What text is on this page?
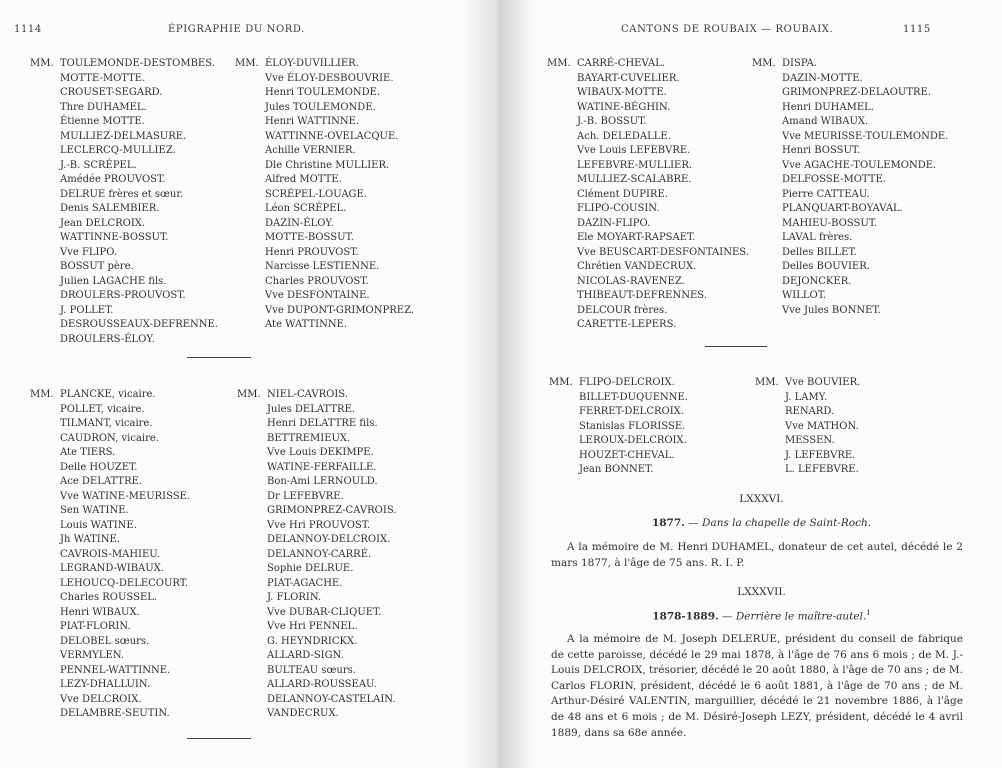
1114	ÉPIGRAPHIE DU NORD.
MM. TOULEMONDE-DESTOMBES.
MOTTE-MOTTE.
CROUSET-SEGARD.
Thre DUHAMEL.
Étienne MOTTE.
MULLIEZ-DELMASURE.
LECLERCQ-MULLIEZ.
J.-B. SCRÉPEL.
Amédée PROUVOST.
DELRUE frères et sœur.
Denis SALEMBIER.
Jean DELCROIX.
WATTINNE-BOSSUT.
Vve FLIPO.
BOSSUT père.
Julien LAGACHE fils.
DROULERS-PROUVOST.
J. POLLET.
DESROUSSEAUX-DEFRENNE.
DROULERS-ÉLOY.
MM. ÉLOY-DUVILLIER.
Vve ÉLOY-DESBOUVRIE.
Henri TOULEMONDE.
Jules TOULEMONDE.
Henri WATTINNE.
WATTINNE-OVELACQUE.
Achille VERNIER.
Dle Christine MULLIER.
Alfred MOTTE.
SCRÉPEL-LOUAGE.
Léon SCRÉPEL.
DAZIN-ÉLOY.
MOTTE-BOSSUT.
Henri PROUVOST.
Narcisse LESTIENNE.
Charles PROUVOST.
Vve DESFONTAINE.
Vve DUPONT-GRIMONPREZ.
Ate WATTINNE.
MM. PLANCKE, vicaire.
POLLET, vicaire.
TILMANT, vicaire.
CAUDRON, vicaire.
Ate TIERS.
Delle HOUZET.
Ace DELATTRE.
Vve WATINE-MEURISSE.
Sen WATINE.
Louis WATINE.
Jh WATINE.
CAVROIS-MAHIEU.
LEGRAND-WIBAUX.
LEHOUCQ-DELECOURT.
Charles ROUSSEL.
Henri WIBAUX.
PIAT-FLORIN.
DELOBEL sœurs.
VERMYLEN.
PENNEL-WATTINNE.
LEZY-DHALLUIN.
Vve DELCROIX.
DELAMBRE-SEUTIN.
MM. NIEL-CAVROIS.
Jules DELATTRE.
Henri DELATTRE fils.
BETTREMIEUX.
Vve Louis DEKIMPE.
WATINE-FERFAILLE.
Bon-Ami LERNOULD.
Dr LEFEBVRE.
GRIMONPREZ-CAVROIS.
Vve Hri PROUVOST.
DELANNOY-DELCROIX.
DELANNOY-CARRÉ.
Sophie DELRUE.
PIAT-AGACHE.
J. FLORIN.
Vve DUBAR-CLIQUET.
Vve Hri PENNEL.
G. HEYNDRICKX.
ALLARD-SIGN.
BULTEAU sœurs.
ALLARD-ROUSSEAU.
DELANNOY-CASTELAIN.
VANDECRUX.
CANTONS DE ROUBAIX — ROUBAIX.	1115
MM. CARRÉ-CHEVAL.
BAYART-CUVELIER.
WIBAUX-MOTTE.
WATINE-BÉGHIN.
J.-B. BOSSUT.
Ach. DELEDALLE.
Vve Louis LEFEBVRE.
LEFEBVRE-MULLIER.
MULLIEZ-SCALABRE.
Clément DUPIRE.
FLIPO-COUSIN.
DAZIN-FLIPO.
Ele MOYART-RAPSAET.
Vve BEUSCART-DESFONTAINES.
Chrétien VANDECRUX.
NICOLAS-RAVENEZ.
THIBEAUT-DEFRENNES.
DELCOUR frères.
CARETTE-LEPERS.
MM. DISPA.
DAZIN-MOTTE.
GRIMONPREZ-DELAOUTRE.
Henri DUHAMEL.
Amand WIBAUX.
Vve MEURISSE-TOULEMONDE.
Henri BOSSUT.
Vve AGACHE-TOULEMONDE.
DELFOSSE-MOTTE.
Pierre CATTEAU.
PLANQUART-BOYAVAL.
MAHIEU-BOSSUT.
LAVAL frères.
Delles BILLET.
Delles BOUVIER.
DEJONCKER.
WILLOT.
Vve Jules BONNET.
MM. FLIPO-DELCROIX.
BILLET-DUQUENNE.
FERRET-DELCROIX.
Stanislas FLORISSE.
LEROUX-DELCROIX.
HOUZET-CHEVAL.
Jean BONNET.
MM. Vve BOUVIER.
J. LAMY.
RENARD.
Vve MATHON.
MESSEN.
J. LEFEBVRE.
L. LEFEBVRE.
LXXXVI.
1877. — Dans la chapelle de Saint-Roch.
A la mémoire de M. Henri DUHAMEL, donateur de cet autel, décédé le 2 mars 1877, à l'âge de 75 ans. R. I. P.
LXXXVII.
1878-1889. — Derrière le maître-autel.$^1$
A la mémoire de M. Joseph DELERUE, président du conseil de fabrique de cette paroisse, décédé le 29 mai 1878, à l'âge de 76 ans 6 mois ; de M. J.-Louis DELCROIX, trésorier, décédé le 20 août 1880, à l'âge de 70 ans ; de M. Carlos FLORIN, président, décédé le 6 août 1881, à l'âge de 70 ans ; de M. Arthur-Désiré VALENTIN, marguillier, décédé le 21 novembre 1886, à l'âge de 48 ans et 6 mois ; de M. Désiré-Joseph LEZY, président, décédé le 4 avril 1889, dans sa 68e année.
